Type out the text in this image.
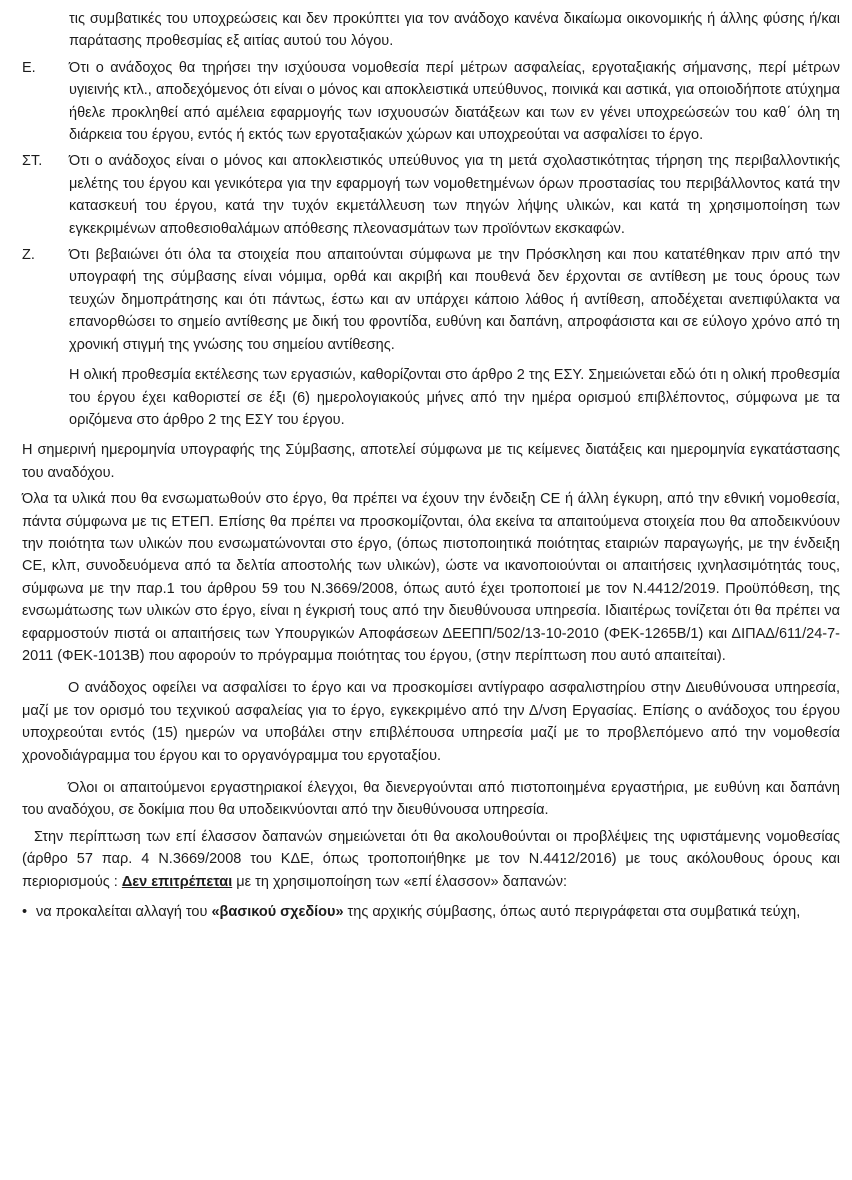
τις συμβατικές του υποχρεώσεις και δεν προκύπτει για τον ανάδοχο κανένα δικαίωμα οικονομικής ή άλλης φύσης ή/και παράτασης προθεσμίας εξ αιτίας αυτού του λόγου.

Ε. Ότι ο ανάδοχος θα τηρήσει την ισχύουσα νομοθεσία περί μέτρων ασφαλείας, εργοταξιακής σήμανσης, περί μέτρων υγιεινής κτλ., αποδεχόμενος ότι είναι ο μόνος και αποκλειστικά υπεύθυνος, ποινικά και αστικά, για οποιοδήποτε ατύχημα ήθελε προκληθεί από αμέλεια εφαρμογής των ισχυουσών διατάξεων και των εν γένει υποχρεώσεών του καθ΄ όλη τη διάρκεια του έργου, εντός ή εκτός των εργοταξιακών χώρων και υποχρεούται να ασφαλίσει το έργο.
ΣΤ. Ότι ο ανάδοχος είναι ο μόνος και αποκλειστικός υπεύθυνος για τη μετά σχολαστικότητας τήρηση της περιβαλλοντικής μελέτης του έργου και γενικότερα για την εφαρμογή των νομοθετημένων όρων προστασίας του περιβάλλοντος κατά την κατασκευή του έργου, κατά την τυχόν εκμετάλλευση των πηγών λήψης υλικών, και κατά τη χρησιμοποίηση των εγκεκριμένων αποθεσιοθαλάμων απόθεσης πλεονασμάτων των προϊόντων εκσκαφών.
Ζ. Ότι βεβαιώνει ότι όλα τα στοιχεία που απαιτούνται σύμφωνα με την Πρόσκληση και που κατατέθηκαν πριν από την υπογραφή της σύμβασης είναι νόμιμα, ορθά και ακριβή και πουθενά δεν έρχονται σε αντίθεση με τους όρους των τευχών δημοπράτησης και ότι πάντως, έστω και αν υπάρχει κάποιο λάθος ή αντίθεση, αποδέχεται ανεπιφύλακτα να επανορθώσει το σημείο αντίθεσης με δική του φροντίδα, ευθύνη και δαπάνη, απροφάσιστα και σε εύλογο χρόνο από τη χρονική στιγμή της γνώσης του σημείου αντίθεσης.

Η ολική προθεσμία εκτέλεσης των εργασιών, καθορίζονται στο άρθρο 2 της ΕΣΥ. Σημειώνεται εδώ ότι η ολική προθεσμία του έργου έχει καθοριστεί σε έξι (6) ημερολογιακούς μήνες από την ημέρα ορισμού επιβλέποντος, σύμφωνα με τα οριζόμενα στο άρθρο 2 της ΕΣΥ του έργου.

Η σημερινή ημερομηνία υπογραφής της Σύμβασης, αποτελεί σύμφωνα με τις κείμενες διατάξεις και ημερομηνία εγκατάστασης του αναδόχου.

Όλα τα υλικά που θα ενσωματωθούν στο έργο, θα πρέπει να έχουν την ένδειξη CE ή άλλη έγκυρη, από την εθνική νομοθεσία, πάντα σύμφωνα με τις ΕΤΕΠ. Επίσης θα πρέπει να προσκομίζονται, όλα εκείνα τα απαιτούμενα στοιχεία που θα αποδεικνύουν την ποιότητα των υλικών που ενσωματώνονται στο έργο, (όπως πιστοποιητικά ποιότητας εταιριών παραγωγής, με την ένδειξη CE, κλπ, συνοδευόμενα από τα δελτία αποστολής των υλικών), ώστε να ικανοποιούνται οι απαιτήσεις ιχνηλασιμότητάς τους, σύμφωνα με την παρ.1 του άρθρου 59 του Ν.3669/2008, όπως αυτό έχει τροποποιεί με τον Ν.4412/2019. Προϋπόθεση, της ενσωμάτωσης των υλικών στο έργο, είναι η έγκρισή τους από την διευθύνουσα υπηρεσία. Ιδιαιτέρως τονίζεται ότι θα πρέπει να εφαρμοστούν πιστά οι απαιτήσεις των Υπουργικών Αποφάσεων ΔΕΕΠΠ/502/13-10-2010 (ΦΕΚ-1265Β/1) και ΔΙΠΑΔ/611/24-7-2011 (ΦΕΚ-1013Β) που αφορούν το πρόγραμμα ποιότητας του έργου, (στην περίπτωση που αυτό απαιτείται).

Ο ανάδοχος οφείλει να ασφαλίσει το έργο και να προσκομίσει αντίγραφο ασφαλιστηρίου στην Διευθύνουσα υπηρεσία, μαζί με τον ορισμό του τεχνικού ασφαλείας για το έργο, εγκεκριμένο από την Δ/νση Εργασίας. Επίσης ο ανάδοχος του έργου υποχρεούται εντός (15) ημερών να υποβάλει στην επιβλέπουσα υπηρεσία μαζί με το προβλεπόμενο από την νομοθεσία χρονοδιάγραμμα του έργου και το οργανόγραμμα του εργοταξίου.

Όλοι οι απαιτούμενοι εργαστηριακοί έλεγχοι, θα διενεργούνται από πιστοποιημένα εργαστήρια, με ευθύνη και δαπάνη του αναδόχου, σε δοκίμια που θα υποδεικνύονται από την διευθύνουσα υπηρεσία.

Στην περίπτωση των επί έλασσον δαπανών σημειώνεται ότι θα ακολουθούνται οι προβλέψεις της υφιστάμενης νομοθεσίας (άρθρο 57 παρ. 4 Ν.3669/2008 του ΚΔΕ, όπως τροποποιήθηκε με τον Ν.4412/2016) με τους ακόλουθους όρους και περιορισμούς : Δεν επιτρέπεται με τη χρησιμοποίηση των «επί έλασσον» δαπανών:

• να προκαλείται αλλαγή του «βασικού σχεδίου» της αρχικής σύμβασης, όπως αυτό περιγράφεται στα συμβατικά τεύχη,
